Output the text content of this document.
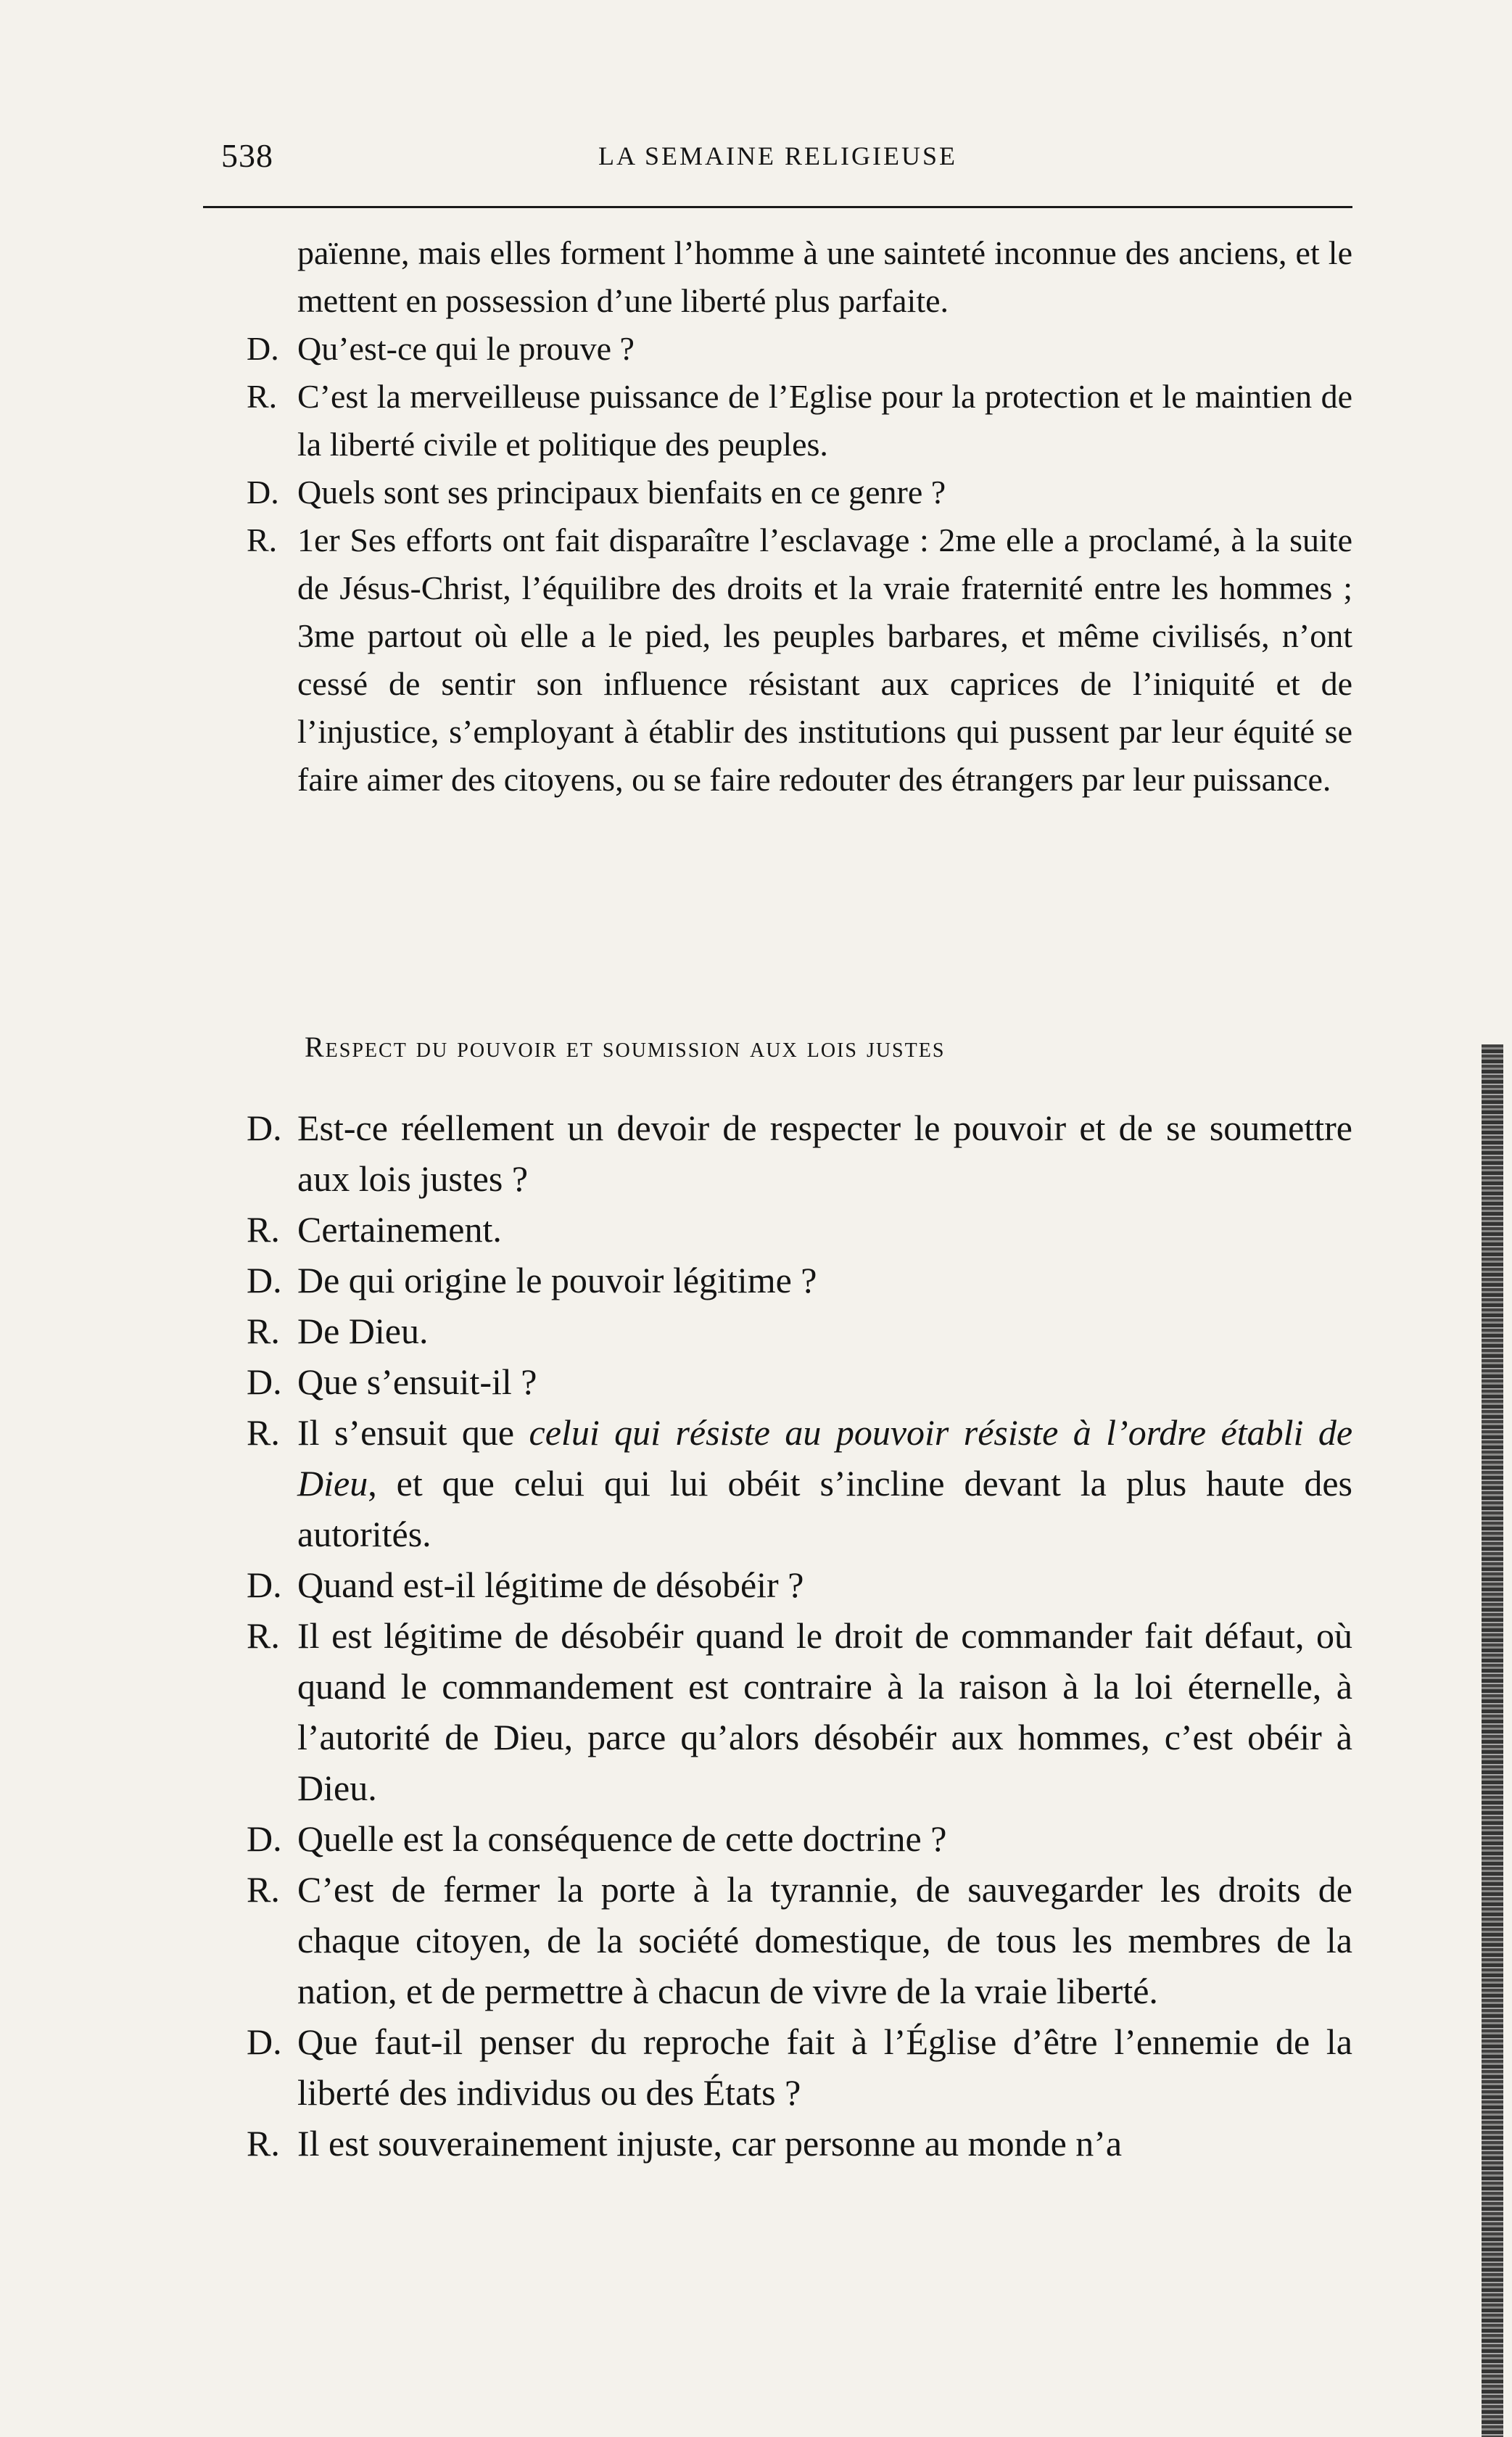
538	LA SEMAINE RELIGIEUSE

païenne, mais elles forment l’homme à une sainteté inconnue des anciens, et le mettent en possession d’une liberté plus parfaite.

D. Qu’est-ce qui le prouve ?

R. C’est la merveilleuse puissance de l’Eglise pour la protection et le maintien de la liberté civile et politique des peuples.

D. Quels sont ses principaux bienfaits en ce genre ?

R. 1er Ses efforts ont fait disparaître l’esclavage : 2me elle a proclamé, à la suite de Jésus-Christ, l’équilibre des droits et la vraie fraternité entre les hommes ; 3me partout où elle a le pied, les peuples barbares, et même civilisés, n’ont cessé de sentir son influence résistant aux caprices de l’iniquité et de l’injustice, s’employant à établir des institutions qui pussent par leur équité se faire aimer des citoyens, ou se faire redouter des étrangers par leur puissance.

Respect du pouvoir et soumission aux lois justes

D. Est-ce réellement un devoir de respecter le pouvoir et de se soumettre aux lois justes ?

R. Certainement.

D. De qui origine le pouvoir légitime ?

R. De Dieu.

D. Que s’ensuit-il ?

R. Il s’ensuit que celui qui résiste au pouvoir résiste à l’ordre établi de Dieu, et que celui qui lui obéit s’incline devant la plus haute des autorités.

D. Quand est-il légitime de désobéir ?

R. Il est légitime de désobéir quand le droit de commander fait défaut, où quand le commandement est contraire à la raison à la loi éternelle, à l’autorité de Dieu, parce qu’alors désobéir aux hommes, c’est obéir à Dieu.

D. Quelle est la conséquence de cette doctrine ?

R. C’est de fermer la porte à la tyrannie, de sauvegarder les droits de chaque citoyen, de la société domestique, de tous les membres de la nation, et de permettre à chacun de vivre de la vraie liberté.

D. Que faut-il penser du reproche fait à l’Église d’être l’ennemie de la liberté des individus ou des États ?

R. Il est souverainement injuste, car personne au monde n’a
